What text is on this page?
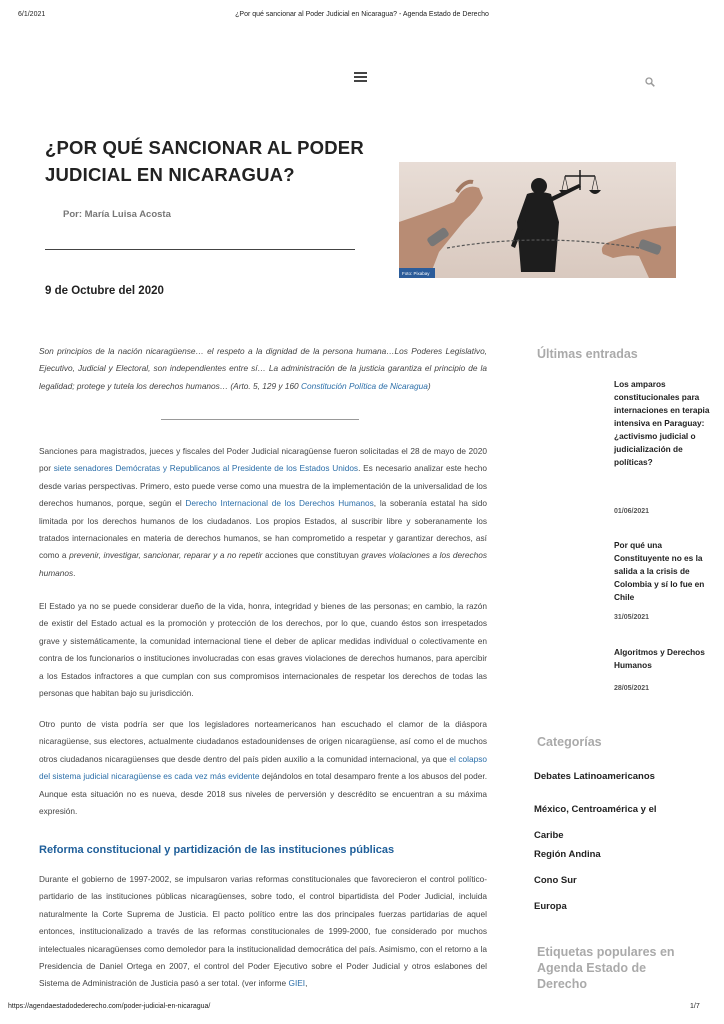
6/1/2021	¿Por qué sancionar al Poder Judicial en Nicaragua? - Agenda Estado de Derecho
¿POR QUÉ SANCIONAR AL PODER JUDICIAL EN NICARAGUA?
Por: María Luisa Acosta
9 de Octubre del 2020
Foto: Pixabay
Son principios de la nación nicaragüense… el respeto a la dignidad de la persona humana…Los Poderes Legislativo, Ejecutivo, Judicial y Electoral, son independientes entre sí… La administración de la justicia garantiza el principio de la legalidad; protege y tutela los derechos humanos… (Arto. 5, 129 y 160 Constitución Política de Nicaragua)
Sanciones para magistrados, jueces y fiscales del Poder Judicial nicaragüense fueron solicitadas el 28 de mayo de 2020 por siete senadores Demócratas y Republicanos al Presidente de los Estados Unidos. Es necesario analizar este hecho desde varias perspectivas. Primero, esto puede verse como una muestra de la implementación de la universalidad de los derechos humanos, porque, según el Derecho Internacional de los Derechos Humanos, la soberanía estatal ha sido limitada por los derechos humanos de los ciudadanos. Los propios Estados, al suscribir libre y soberanamente los tratados internacionales en materia de derechos humanos, se han comprometido a respetar y garantizar derechos, así como a prevenir, investigar, sancionar, reparar y a no repetir acciones que constituyan graves violaciones a los derechos humanos.
El Estado ya no se puede considerar dueño de la vida, honra, integridad y bienes de las personas; en cambio, la razón de existir del Estado actual es la promoción y protección de los derechos, por lo que, cuando éstos son irrespetados grave y sistemáticamente, la comunidad internacional tiene el deber de aplicar medidas individual o colectivamente en contra de los funcionarios o instituciones involucradas con esas graves violaciones de derechos humanos, para apercibir a los Estados infractores a que cumplan con sus compromisos internacionales de respetar los derechos de todas las personas que habitan bajo su jurisdicción.
Otro punto de vista podría ser que los legisladores norteamericanos han escuchado el clamor de la diáspora nicaragüense, sus electores, actualmente ciudadanos estadounidenses de origen nicaragüense, así como el de muchos otros ciudadanos nicaragüenses que desde dentro del país piden auxilio a la comunidad internacional, ya que el colapso del sistema judicial nicaragüense es cada vez más evidente dejándolos en total desamparo frente a los abusos del poder. Aunque esta situación no es nueva, desde 2018 sus niveles de perversión y descrédito se encuentran a su máxima expresión.
Reforma constitucional y partidización de las instituciones públicas
Durante el gobierno de 1997-2002, se impulsaron varias reformas constitucionales que favorecieron el control político-partidario de las instituciones públicas nicaragüenses, sobre todo, el control bipartidista del Poder Judicial, incluida naturalmente la Corte Suprema de Justicia. El pacto político entre las dos principales fuerzas partidarias de aquel entonces, institucionalizado a través de las reformas constitucionales de 1999-2000, fue considerado por muchos intelectuales nicaragüenses como demoledor para la institucionalidad democrática del país. Asimismo, con el retorno a la Presidencia de Daniel Ortega en 2007, el control del Poder Ejecutivo sobre el Poder Judicial y otros eslabones del Sistema de Administración de Justicia pasó a ser total. (ver informe GIEI,
Últimas entradas
Los amparos constitucionales para internaciones en terapia intensiva en Paraguay: ¿activismo judicial o judicialización de políticas?
01/06/2021
Por qué una Constituyente no es la salida a la crisis de Colombia y sí lo fue en Chile
31/05/2021
Algoritmos y Derechos Humanos
28/05/2021
Categorías
Debates Latinoamericanos
México, Centroamérica y el Caribe
Región Andina
Cono Sur
Europa
Etiquetas populares en Agenda Estado de Derecho
https://agendaestadodederecho.com/poder-judicial-en-nicaragua/	1/7
